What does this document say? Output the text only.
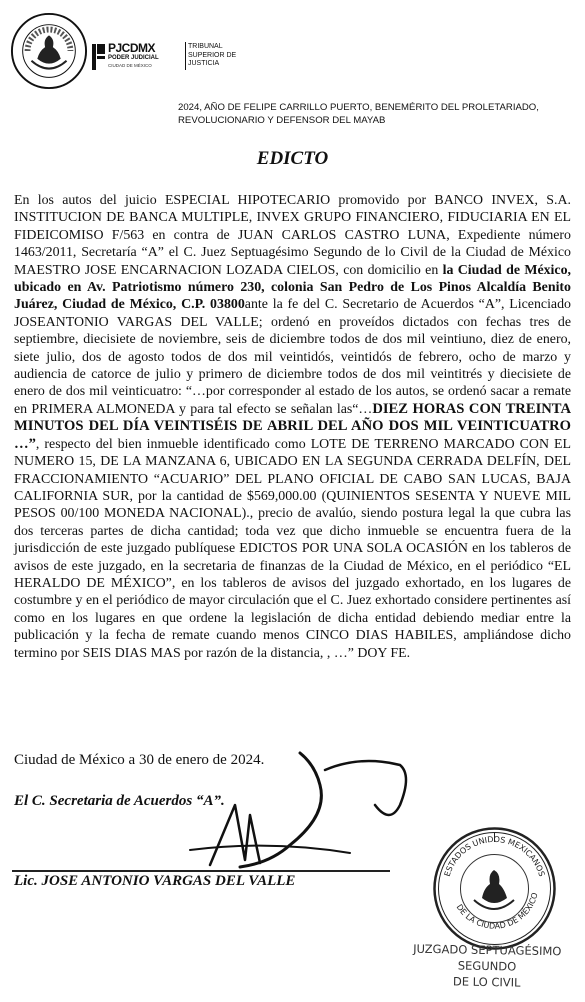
PJCDMX
PODER JUDICIAL
CIUDAD DE MÉXICO
TRIBUNAL
SUPERIOR DE
JUSTICIA
2024, AÑO DE FELIPE CARRILLO PUERTO, BENEMÉRITO DEL PROLETARIADO,
REVOLUCIONARIO Y DEFENSOR DEL MAYAB
EDICTO
En los autos del juicio ESPECIAL HIPOTECARIO promovido por BANCO INVEX, S.A. INSTITUCION DE BANCA MULTIPLE, INVEX GRUPO FINANCIERO, FIDUCIARIA EN EL FIDEICOMISO F/563 en contra de JUAN CARLOS CASTRO LUNA, Expediente número 1463/2011, Secretaría “A” el C. Juez Septuagésimo Segundo de lo Civil de la Ciudad de México MAESTRO JOSE ENCARNACION LOZADA CIELOS, con domicilio en la Ciudad de México, ubicado en Av. Patriotismo número 230, colonia San Pedro de Los Pinos Alcaldía Benito Juárez, Ciudad de México, C.P. 03800ante la fe del C. Secretario de Acuerdos “A”, Licenciado JOSEANTONIO VARGAS DEL VALLE; ordenó en proveídos dictados con fechas tres de septiembre, diecisiete de noviembre, seis de diciembre todos de dos mil veintiuno, diez de enero, siete julio, dos de agosto todos de dos mil veintidós, veintidós de febrero, ocho de marzo y audiencia de catorce de julio y primero de diciembre todos de dos mil veintitrés y diecisiete de enero de dos mil veinticuatro: “…por corresponder al estado de los autos, se ordenó sacar a remate en PRIMERA ALMONEDA y para tal efecto se señalan las“…DIEZ HORAS CON TREINTA MINUTOS DEL DÍA VEINTISÉIS DE ABRIL DEL AÑO DOS MIL VEINTICUATRO …”, respecto del bien inmueble identificado como LOTE DE TERRENO MARCADO CON EL NUMERO 15, DE LA MANZANA 6, UBICADO EN LA SEGUNDA CERRADA DELFÍN, DEL FRACCIONAMIENTO “ACUARIO” DEL PLANO OFICIAL DE CABO SAN LUCAS, BAJA CALIFORNIA SUR, por la cantidad de $569,000.00 (QUINIENTOS SESENTA Y NUEVE MIL PESOS 00/100 MONEDA NACIONAL)., precio de avalúo, siendo postura legal la que cubra las dos terceras partes de dicha cantidad; toda vez que dicho inmueble se encuentra fuera de la jurisdicción de este juzgado publíquese EDICTOS POR UNA SOLA OCASIÓN en los tableros de avisos de este juzgado, en la secretaria de finanzas de la Ciudad de México, en el periódico “EL HERALDO DE MÉXICO”, en los tableros de avisos del juzgado exhortado, en los lugares de costumbre y en el periódico de mayor circulación que el C. Juez exhortado considere pertinentes así como en los lugares en que ordene la legislación de dicha entidad debiendo mediar entre la publicación y la fecha de remate cuando menos CINCO DIAS HABILES, ampliándose dicho termino por SEIS DIAS MAS por razón de la distancia, , …” DOY FE.
Ciudad de México a 30 de enero de 2024.
El C. Secretaria de Acuerdos “A”.
Lic. JOSE ANTONIO VARGAS DEL VALLE	ESTADOS UNIDOS MEXICANOS
DE LA CIUDAD DE MÉXICO
JUZGADO SEPTUAGÉSIMO SEGUNDO
DE LO CIVIL
